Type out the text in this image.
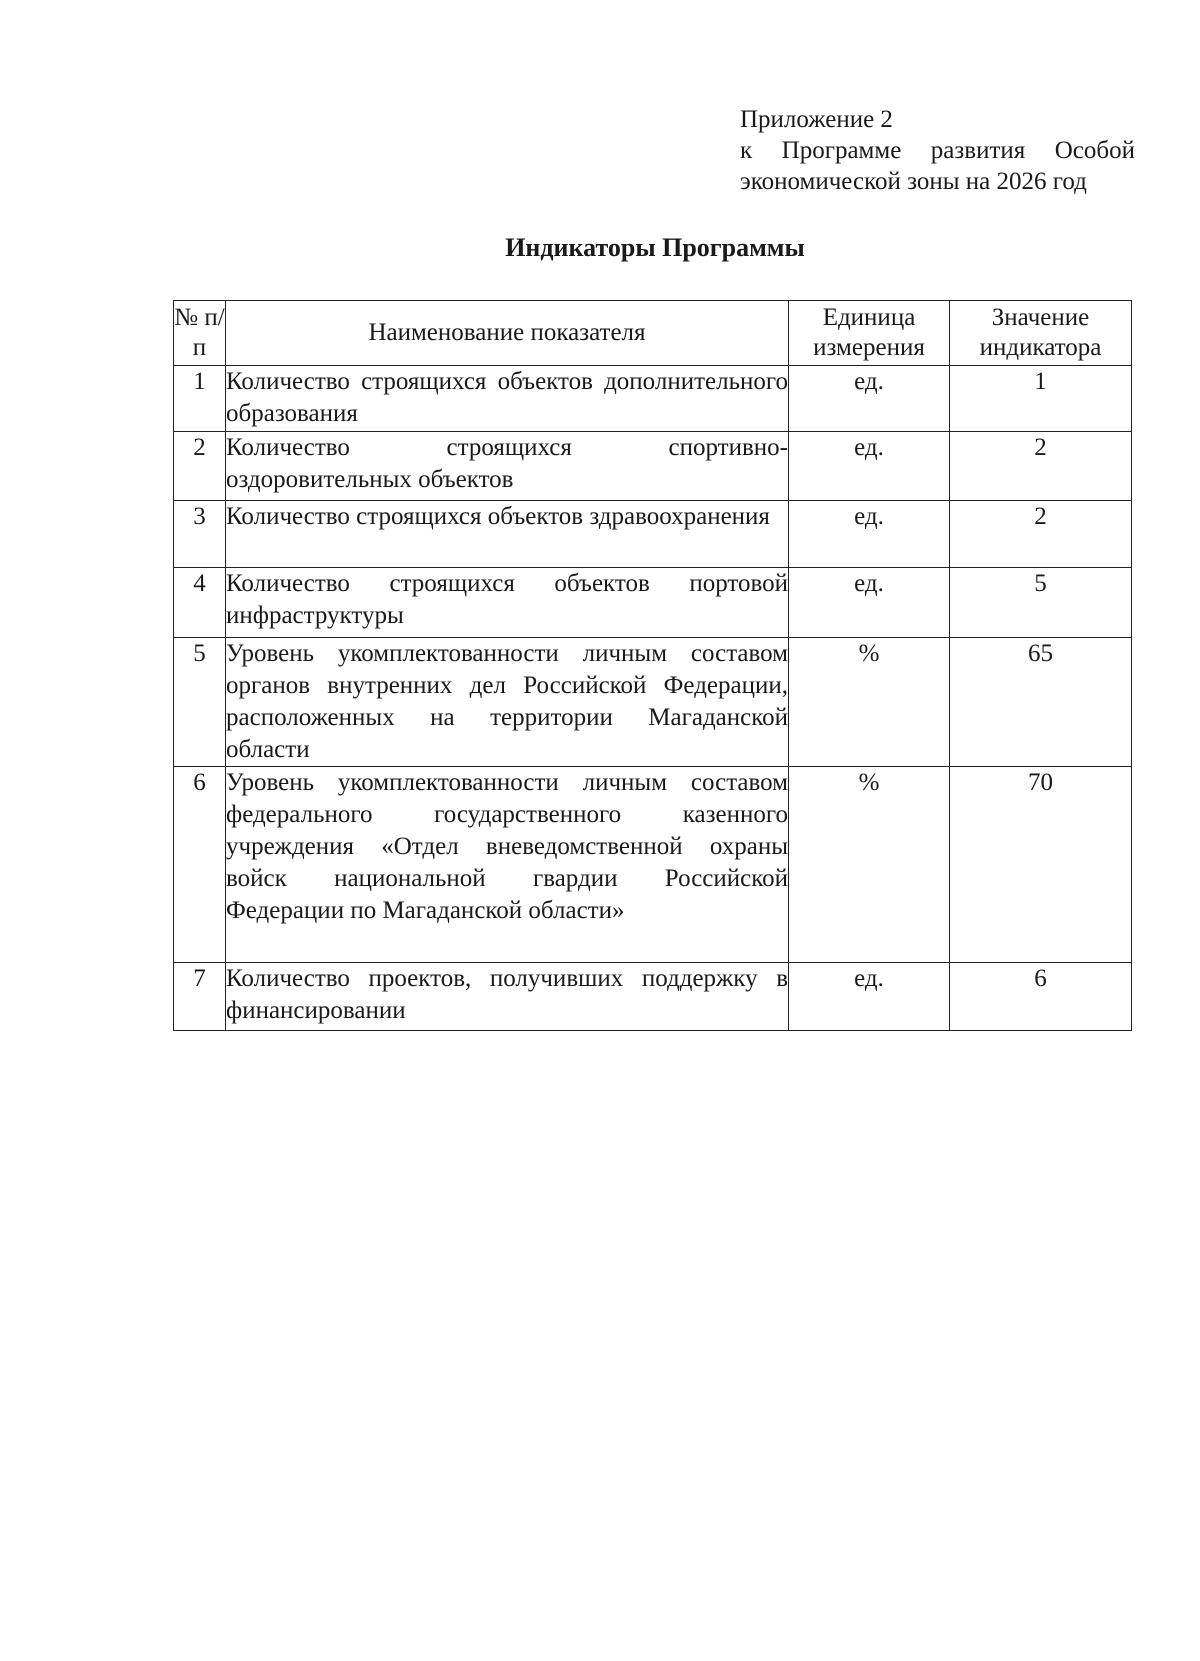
Приложение 2
к Программе развития Особой
экономической зоны на 2026 год
Индикаторы Программы
№ п/п	Наименование показателя	Единица измерения	Значение индикатора
1	Количество строящихся объектов дополнительного образования	ед.	1
2	Количество строящихся спортивно-оздоровительных объектов	ед.	2
3	Количество строящихся объектов здравоохранения	ед.	2
4	Количество строящихся объектов портовой инфраструктуры	ед.	5
5	Уровень укомплектованности личным составом органов внутренних дел Российской Федерации, расположенных на территории Магаданской области	%	65
6	Уровень укомплектованности личным составом федерального государственного казенного учреждения «Отдел вневедомственной охраны войск национальной гвардии Российской Федерации по Магаданской области»	%	70
7	Количество проектов, получивших поддержку в финансировании	ед.	6
